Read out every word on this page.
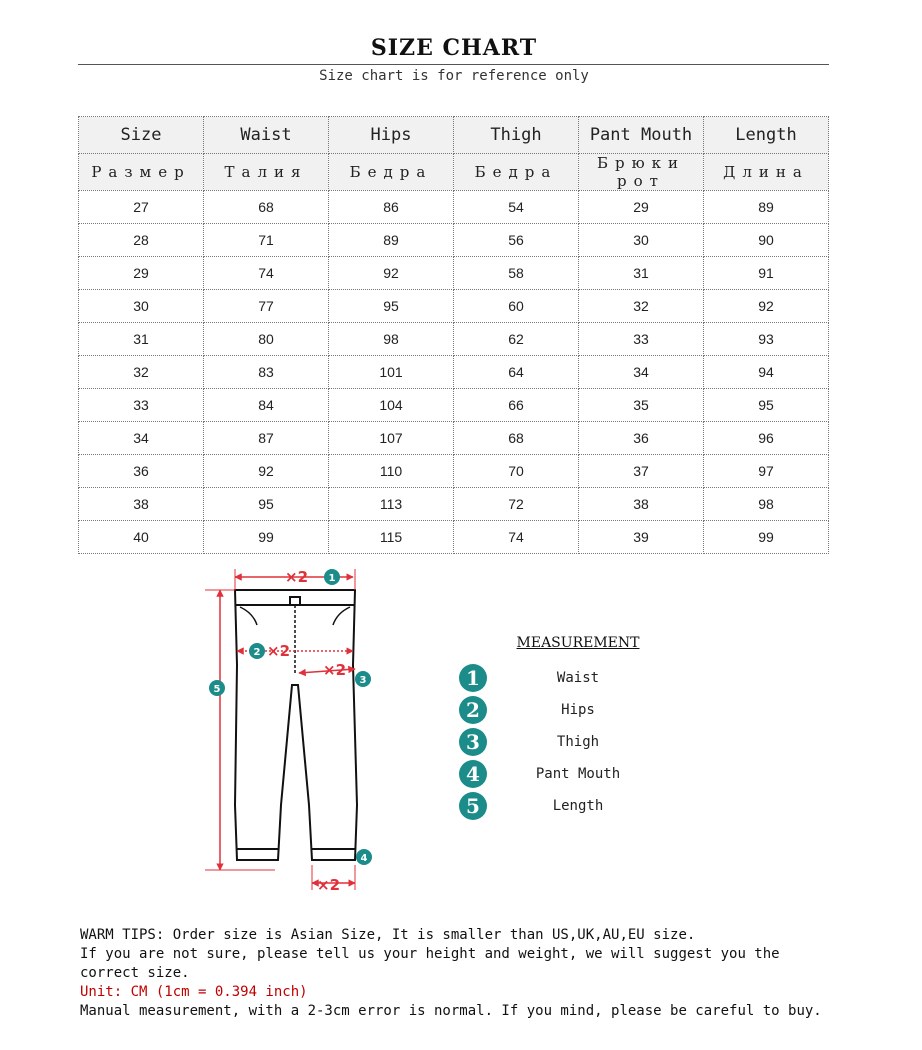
SIZE CHART
Size chart is for reference only
Size	Waist	Hips	Thigh	Pant Mouth	Length
Размер	Талия	Бедра	Бедра	Брюки рот	Длина
27	68	86	54	29	89
28	71	89	56	30	90
29	74	92	58	31	91
30	77	95	60	32	92
31	80	98	62	33	93
32	83	101	64	34	94
33	84	104	66	35	95
34	87	107	68	36	96
36	92	110	70	37	97
38	95	113	72	38	98
40	99	115	74	39	99
×2
×2
×2
×2
1
2
3
4
5
MEASUREMENT
1	Waist
2	Hips
3	Thigh
4	Pant Mouth
5	Length

WARM TIPS: Order size is Asian Size, It is smaller than US,UK,AU,EU size.

If you are not sure, please tell us your height and weight, we will suggest you the correct size.

Unit: CM (1cm = 0.394 inch)

Manual measurement, with a 2-3cm error is normal. If you mind, please be careful to buy.
